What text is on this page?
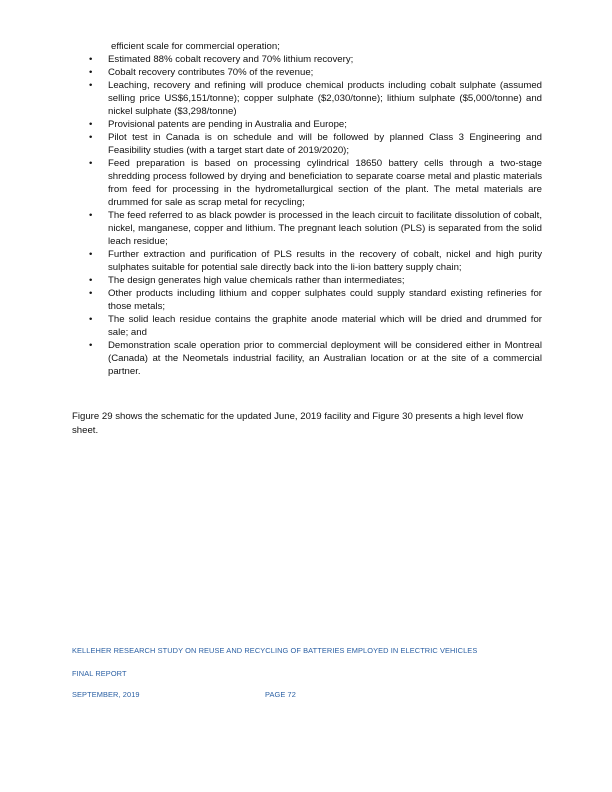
efficient scale for commercial operation;

• Estimated 88% cobalt recovery and 70% lithium recovery;
• Cobalt recovery contributes 70% of the revenue;
• Leaching, recovery and refining will produce chemical products including cobalt sulphate (assumed selling price US$6,151/tonne); copper sulphate ($2,030/tonne); lithium sulphate ($5,000/tonne) and nickel sulphate ($3,298/tonne)
• Provisional patents are pending in Australia and Europe;
• Pilot test in Canada is on schedule and will be followed by planned Class 3 Engineering and Feasibility studies (with a target start date of 2019/2020);
• Feed preparation is based on processing cylindrical 18650 battery cells through a two-stage shredding process followed by drying and beneficiation to separate coarse metal and plastic materials from feed for processing in the hydrometallurgical section of the plant. The metal materials are drummed for sale as scrap metal for recycling;
• The feed referred to as black powder is processed in the leach circuit to facilitate dissolution of cobalt, nickel, manganese, copper and lithium. The pregnant leach solution (PLS) is separated from the solid leach residue;
• Further extraction and purification of PLS results in the recovery of cobalt, nickel and high purity sulphates suitable for potential sale directly back into the li-ion battery supply chain;
• The design generates high value chemicals rather than intermediates;
• Other products including lithium and copper sulphates could supply standard existing refineries for those metals;
• The solid leach residue contains the graphite anode material which will be dried and drummed for sale; and
• Demonstration scale operation prior to commercial deployment will be considered either in Montreal (Canada) at the Neometals industrial facility, an Australian location or at the site of a commercial partner.

Figure 29 shows the schematic for the updated June, 2019 facility and Figure 30 presents a high level flow sheet.

KELLEHER RESEARCH STUDY ON REUSE AND RECYCLING OF BATTERIES EMPLOYED IN ELECTRIC VEHICLES

FINAL REPORT

SEPTEMBER, 2019	PAGE 72
